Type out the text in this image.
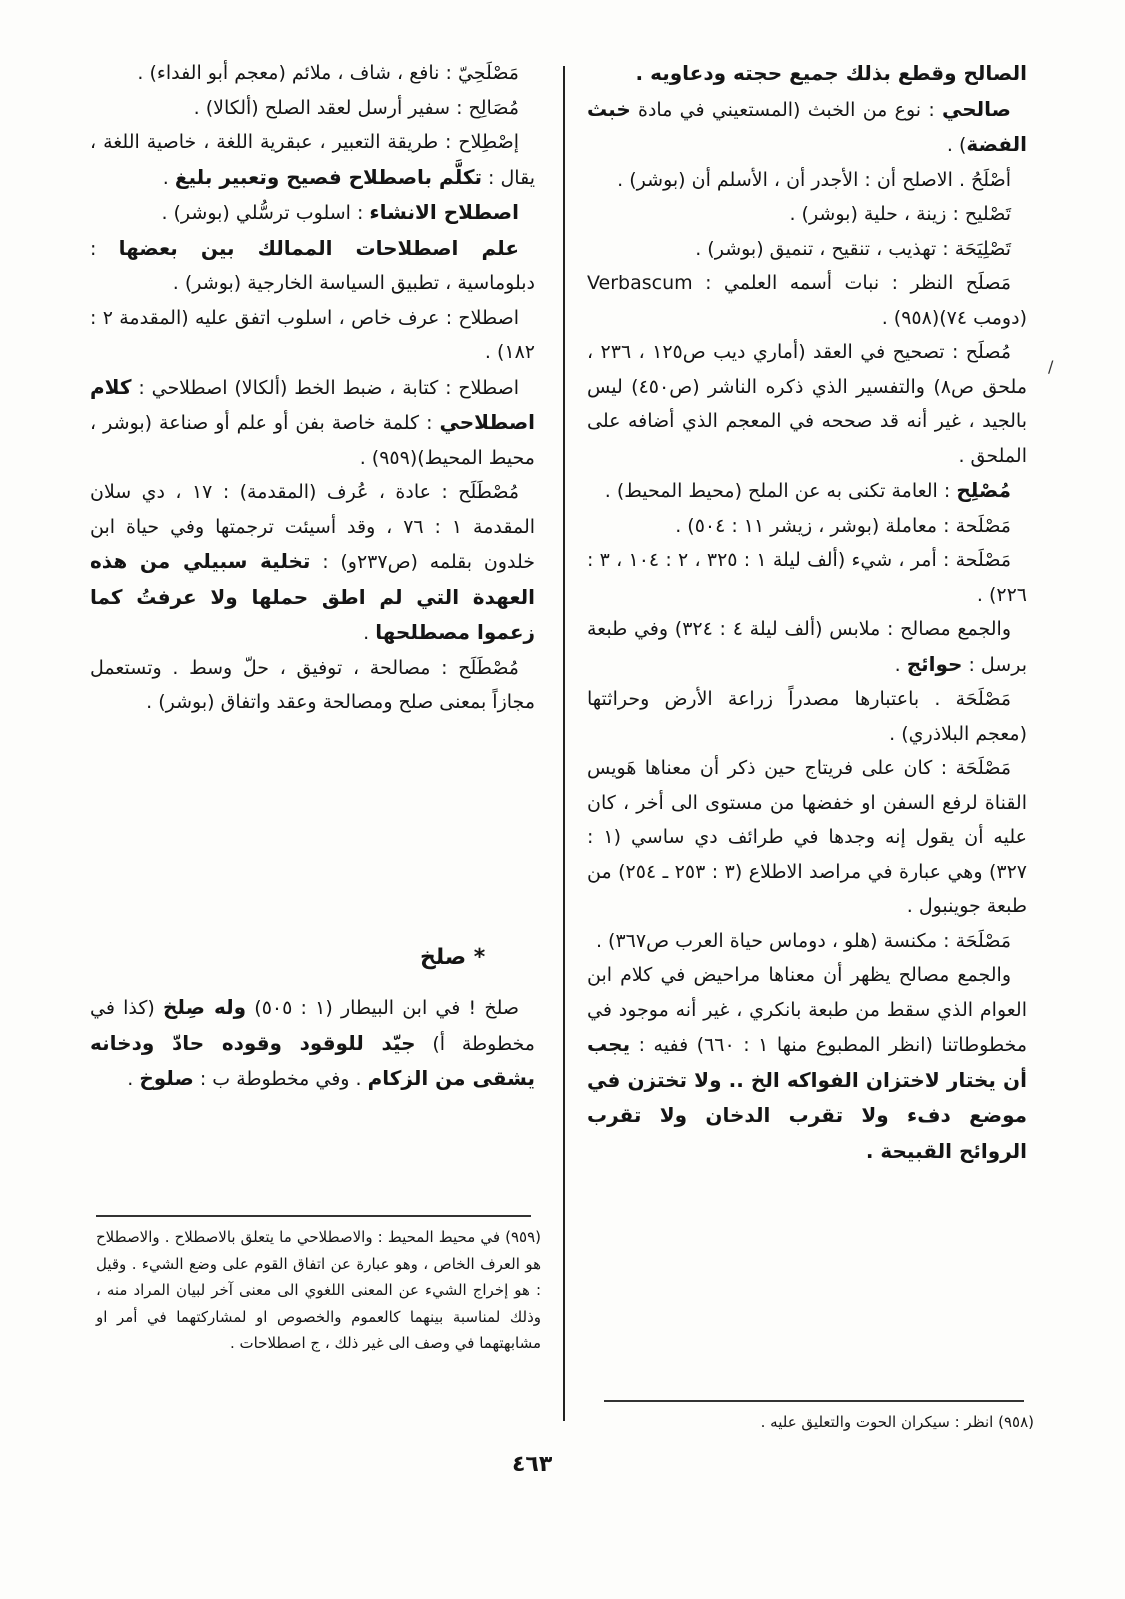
الصالح وقطع بذلك جميع حجته ودعاويه .

صالحي : نوع من الخبث (المستعيني في مادة خبث الفضة) .

أصْلَحُ . الاصلح أن : الأجدر أن ، الأسلم أن (بوشر) .

تَصْليح : زينة ، حلية (بوشر) .

تَصْلِيَحَة : تهذيب ، تنقيح ، تنميق (بوشر) .

مَصلَح النظر : نبات أسمه العلمي : Verbascum (دومب ٧٤)(٩٥٨) .

مُصلَح : تصحيح في العقد (أماري ديب ص١٢٥ ، ٢٣٦ ، ملحق ص٨) والتفسير الذي ذكره الناشر (ص٤٥٠) ليس بالجيد ، غير أنه قد صححه في المعجم الذي أضافه على الملحق .

مُصْلِح : العامة تكنى به عن الملح (محيط المحيط) .

مَصْلَحة : معاملة (بوشر ، زيشر ١١ : ٥٠٤) .

مَصْلَحة : أمر ، شيء (ألف ليلة ١ : ٣٢٥ ، ٢ : ١٠٤ ، ٣ : ٢٢٦) .

والجمع مصالح : ملابس (ألف ليلة ٤ : ٣٢٤) وفي طبعة برسل : حوائج .

مَصْلَحَة . باعتبارها مصدراً زراعة الأرض وحراثتها (معجم البلاذري) .

مَصْلَحَة : كان على فريتاج حين ذكر أن معناها هَويس القناة لرفع السفن او خفضها من مستوى الى أخر ، كان عليه أن يقول إنه وجدها في طرائف دي ساسي (١ : ٣٢٧) وهي عبارة في مراصد الاطلاع (٣ : ٢٥٣ ـ ٢٥٤) من طبعة جوينبول .

مَصْلَحَة : مكنسة (هلو ، دوماس حياة العرب ص٣٦٧) .

والجمع مصالح يظهر أن معناها مراحيض في كلام ابن العوام الذي سقط من طبعة بانكري ، غير أنه موجود في مخطوطاتنا (انظر المطبوع منها ١ : ٦٦٠) ففيه : يجب أن يختار لاختزان الفواكه الخ .. ولا تختزن في موضع دفء ولا تقرب الدخان ولا تقرب الروائح القبيحة .

مَصْلَحِيّ : نافع ، شاف ، ملائم (معجم أبو الفداء) .

مُصَالِح : سفير أرسل لعقد الصلح (ألكالا) .

إصْطِلاح : طريقة التعبير ، عبقرية اللغة ، خاصية اللغة ، يقال : تكلَّم باصطلاح فصيح وتعبير بليغ .

اصطلاح الانشاء : اسلوب ترسُّلي (بوشر) .

علم اصطلاحات الممالك بين بعضها : دبلوماسية ، تطبيق السياسة الخارجية (بوشر) .

اصطلاح : عرف خاص ، اسلوب اتفق عليه (المقدمة ٢ : ١٨٢) .

اصطلاح : كتابة ، ضبط الخط (ألكالا) اصطلاحي : كلام اصطلاحي : كلمة خاصة بفن أو علم أو صناعة (بوشر ، محيط المحيط)(٩٥٩) .

مُصْطَلَح : عادة ، عُرف (المقدمة) : ١٧ ، دي سلان المقدمة ١ : ٧٦ ، وقد أسيئت ترجمتها وفي حياة ابن خلدون بقلمه (ص٢٣٧و) : تخلية سبيلي من هذه العهدة التي لم اطق حملها ولا عرفتُ كما زعموا مصطلحها .

مُصْطَلَح : مصالحة ، توفيق ، حلّ وسط . وتستعمل مجازاً بمعنى صلح ومصالحة وعقد واتفاق (بوشر) .

* صلخ

صلخ ! في ابن البيطار (١ : ٥٠٥) وله صِلخ (كذا في مخطوطة أ) جيّد للوقود وقوده حادّ ودخانه يشقى من الزكام . وفي مخطوطة ب : صلوخ .

(٩٥٩) في محيط المحيط : والاصطلاحي ما يتعلق بالاصطلاح . والاصطلاح هو العرف الخاص ، وهو عبارة عن اتفاق القوم على وضع الشيء . وقيل : هو إخراج الشيء عن المعنى اللغوي الى معنى آخر لبيان المراد منه ، وذلك لمناسبة بينهما كالعموم والخصوص او لمشاركتهما في أمر او مشابهتهما في وصف الى غير ذلك ، ج اصطلاحات .
(٩٥٨) انظر : سيكران الحوت والتعليق عليه .
/
٤٦٣
